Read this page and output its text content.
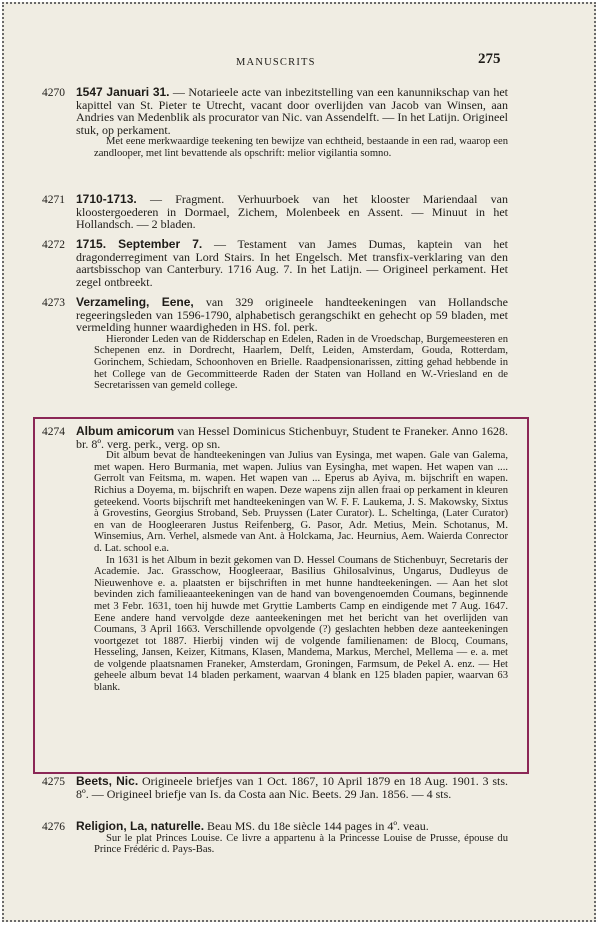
MANUSCRITS	275
4270 1547 Januari 31. — Notarieele acte van inbezitstelling van een kanunnikschap van het kapittel van St. Pieter te Utrecht, vacant door overlijden van Jacob van Winsen, aan Andries van Medenblik als procurator van Nic. van Assendelft. — In het Latijn. Origineel stuk, op perkament.

Met eene merkwaardige teekening ten bewijze van echtheid, bestaande in een rad, waarop een zandlooper, met lint bevattende als opschrift: melior vigilantia somno.

4271 1710-1713. — Fragment. Verhuurboek van het klooster Mariendaal van kloostergoederen in Dormael, Zichem, Molenbeek en Assent. — Minuut in het Hollandsch. — 2 bladen.
4272 1715. September 7. — Testament van James Dumas, kaptein van het dragonderregiment van Lord Stairs. In het Engelsch. Met transfix-verklaring van den aartsbisschop van Canterbury. 1716 Aug. 7. In het Latijn. — Origineel perkament. Het zegel ontbreekt.
4273 Verzameling, Eene, van 329 origineele handteekeningen van Hollandsche regeeringsleden van 1596-1790, alphabetisch gerangschikt en gehecht op 59 bladen, met vermelding hunner waardigheden in HS. fol. perk.

Hieronder Leden van de Ridderschap en Edelen, Raden in de Vroedschap, Burgemeesteren en Schepenen enz. in Dordrecht, Haarlem, Delft, Leiden, Amsterdam, Gouda, Rotterdam, Gorinchem, Schiedam, Schoonhoven en Brielle. Raadpensionarissen, zitting gehad hebbende in het College van de Gecommitteerde Raden der Staten van Holland en W.-Vriesland en de Secretarissen van gemeld college.

4274 Album amicorum van Hessel Dominicus Stichenbuyr, Student te Franeker. Anno 1628. br. 8º. verg. perk., verg. op sn.

Dit album bevat de handteekeningen van Julius van Eysinga, met wapen. Gale van Galema, met wapen. Hero Burmania, met wapen. Julius van Eysingha, met wapen. Het wapen van .... Gerrolt van Feitsma, m. wapen. Het wapen van ... Eperus ab Ayiva, m. bijschrift en wapen. Richius a Doyema, m. bijschrift en wapen. Deze wapens zijn allen fraai op perkament in kleuren geteekend. Voorts bijschrift met handteekeningen van W. F. F. Laukema, J. S. Makowsky, Sixtus à Grovestins, Georgius Stroband, Seb. Pruyssen (Later Curator). L. Scheltinga, (Later Curator) en van de Hoogleeraren Justus Reifenberg, G. Pasor, Adr. Metius, Mein. Schotanus, M. Winsemius, Arn. Verhel, alsmede van Ant. à Holckama, Jac. Heurnius, Aem. Waierda Conrector d. Lat. school e.a.

In 1631 is het Album in bezit gekomen van D. Hessel Coumans de Stichenbuyr, Secretaris der Academie. Jac. Grasschow, Hoogleeraar, Basilius Ghilosalvinus, Ungarus, Dudleyus de Nieuwenhove e. a. plaatsten er bijschriften in met hunne handteekeningen. — Aan het slot bevinden zich familieaanteekeningen van de hand van bovengenoemden Coumans, beginnende met 3 Febr. 1631, toen hij huwde met Gryttie Lamberts Camp en eindigende met 7 Aug. 1647. Eene andere hand vervolgde deze aanteekeningen met het bericht van het overlijden van Coumans, 3 April 1663. Verschillende opvolgende (?) geslachten hebben deze aanteekeningen voortgezet tot 1887. Hierbij vinden wij de volgende familienamen: de Blocq, Coumans, Hesseling, Jansen, Keizer, Kitmans, Klasen, Mandema, Markus, Merchel, Mellema — e. a. met de volgende plaatsnamen Franeker, Amsterdam, Groningen, Farmsum, de Pekel A. enz. — Het geheele album bevat 14 bladen perkament, waarvan 4 blank en 125 bladen papier, waarvan 63 blank.

4275 Beets, Nic. Origineele briefjes van 1 Oct. 1867, 10 April 1879 en 18 Aug. 1901. 3 sts. 8º. — Origineel briefje van Is. da Costa aan Nic. Beets. 29 Jan. 1856. — 4 sts.
4276 Religion, La, naturelle. Beau MS. du 18e siècle 144 pages in 4º. veau.

Sur le plat Princes Louise. Ce livre a appartenu à la Princesse Louise de Prusse, épouse du Prince Frédéric d. Pays-Bas.
